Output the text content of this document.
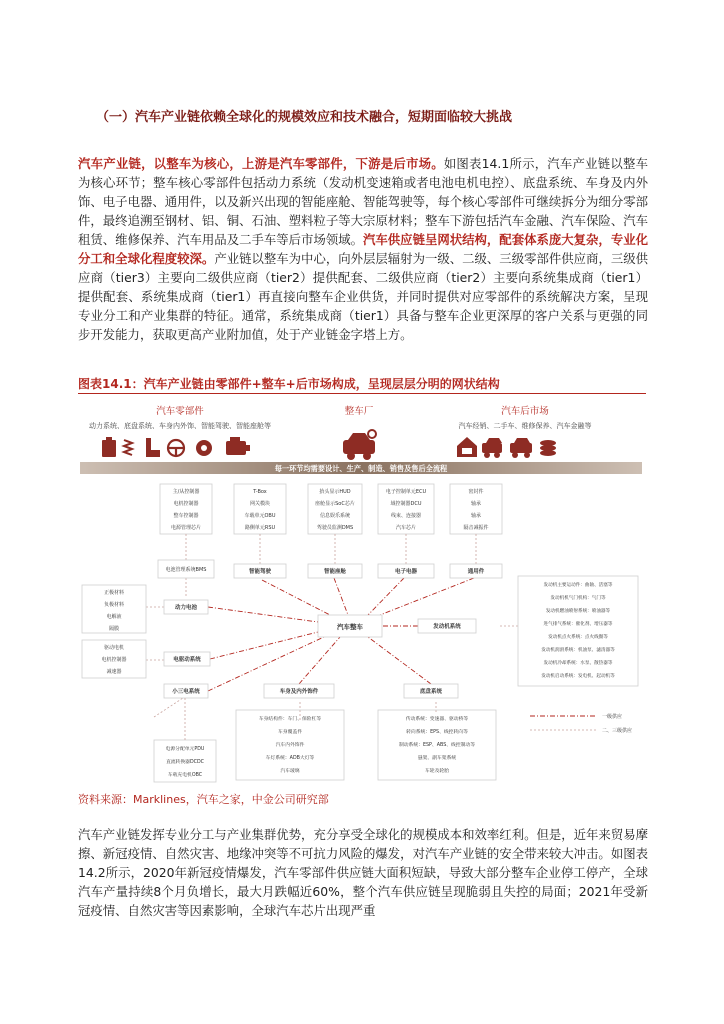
（一）汽车产业链依赖全球化的规模效应和技术融合，短期面临较大挑战
汽车产业链，以整车为核心，上游是汽车零部件，下游是后市场。如图表14.1所示，汽车产业链以整车为核心环节；整车核心零部件包括动力系统（发动机变速箱或者电池电机电控）、底盘系统、车身及内外饰、电子电器、通用件，以及新兴出现的智能座舱、智能驾驶等，每个核心零部件可继续拆分为细分零部件，最终追溯至钢材、铝、铜、石油、塑料粒子等大宗原材料；整车下游包括汽车金融、汽车保险、汽车租赁、维修保养、汽车用品及二手车等后市场领域。汽车供应链呈网状结构，配套体系庞大复杂，专业化分工和全球化程度较深。产业链以整车为中心，向外层层辐射为一级、二级、三级零部件供应商，三级供应商（tier3）主要向二级供应商（tier2）提供配套、二级供应商（tier2）主要向系统集成商（tier1）提供配套、系统集成商（tier1）再直接向整车企业供货，并同时提供对应零部件的系统解决方案，呈现专业分工和产业集群的特征。通常，系统集成商（tier1）具备与整车企业更深厚的客户关系与更强的同步开发能力，获取更高产业附加值，处于产业链金字塔上方。
图表14.1：汽车产业链由零部件+整车+后市场构成，呈现层层分明的网状结构
汽车零部件
动力系统、底盘系统、车身内外饰、智能驾驶、智能座舱等
整车厂	汽车后市场
汽车经销、二手车、维修保养、汽车金融等
每一环节均需要设计、生产、制造、销售及售后全流程
主/从控制器
电机控制器
整车控制器
电源管理芯片
T-Box
网关模块
车载单元OBU
路侧单元RSU
抬头显示HUD
座舱显示SoC芯片
信息娱乐系统
驾驶员监测DMS
电子控制单元ECU
域控制器DCU
线束、连接器
汽车芯片
密封件
轴承
轴承
隔音减振件
电池管理系统BMS	智能驾驶	智能座舱	电子电器	通用件
正极材料
负极材料
电解液
隔膜
动力电池
驱动电机
电机控制器
减速器
电驱动系统
小三电系统
汽车整车	发动机系统
发动机主要运动件：曲轴、活塞等
发动机机气门机构：气门等
发动机燃油喷射系统：喷油器等
进气排气系统：催化剂、增压器等
发动机点火系统：点火线圈等
发动机润滑系统：机油泵、滤清器等
发动机冷却系统：水泵、散热器等
发动机启动系统：发电机、起动机等
车身及内外饰件	底盘系统
电源分配单元PDU
直流转换器DCDC
车载充电机OBC
车身结构件：车门、保险杠等
车身覆盖件
汽车内外饰件
车灯系统：ADB大灯等
汽车玻璃
传动系统：变速器、驱动桥等
转向系统：EPS、线控转向等
制动系统：ESP、ABS、线控制动等
悬架、副车架系统
车轮及轮胎
一级供应
二、三级供应
资料来源：Marklines，汽车之家，中金公司研究部
汽车产业链发挥专业分工与产业集群优势，充分享受全球化的规模成本和效率红利。但是，近年来贸易摩擦、新冠疫情、自然灾害、地缘冲突等不可抗力风险的爆发，对汽车产业链的安全带来较大冲击。如图表14.2所示，2020年新冠疫情爆发，汽车零部件供应链大面积短缺，导致大部分整车企业停工停产，全球汽车产量持续8个月负增长，最大月跌幅近60%，整个汽车供应链呈现脆弱且失控的局面；2021年受新冠疫情、自然灾害等因素影响，全球汽车芯片出现严重
